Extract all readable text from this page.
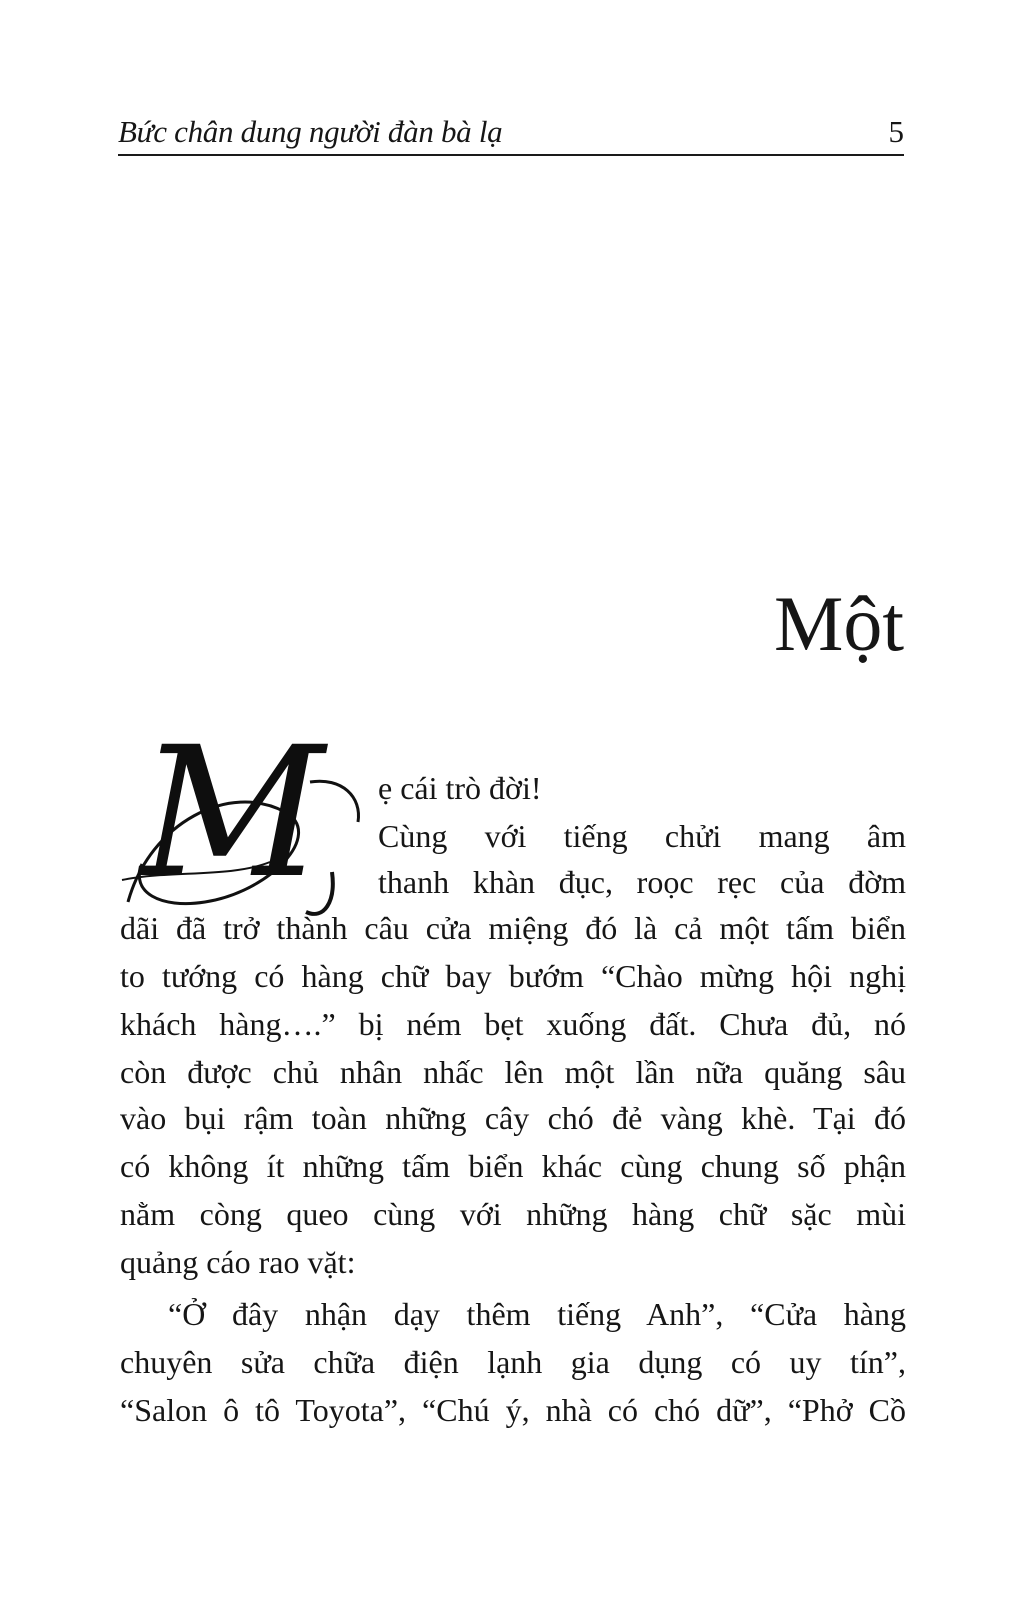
Bức chân dung người đàn bà lạ	5
Một
M ẹ cái trò đời!
Cùng với tiếng chửi mang âm
thanh khàn đục, roọc rẹc của đờm
dãi đã trở thành câu cửa miệng đó là cả một tấm biển
to tướng có hàng chữ bay bướm “Chào mừng hội nghị
khách hàng….” bị ném bẹt xuống đất. Chưa đủ, nó
còn được chủ nhân nhấc lên một lần nữa quăng sâu
vào bụi rậm toàn những cây chó đẻ vàng khè. Tại đó
có không ít những tấm biển khác cùng chung số phận
nằm còng queo cùng với những hàng chữ sặc mùi
quảng cáo rao vặt:
“Ở đây nhận dạy thêm tiếng Anh”, “Cửa hàng
chuyên sửa chữa điện lạnh gia dụng có uy tín”,
“Salon ô tô Toyota”, “Chú ý, nhà có chó dữ”, “Phở Cồ
